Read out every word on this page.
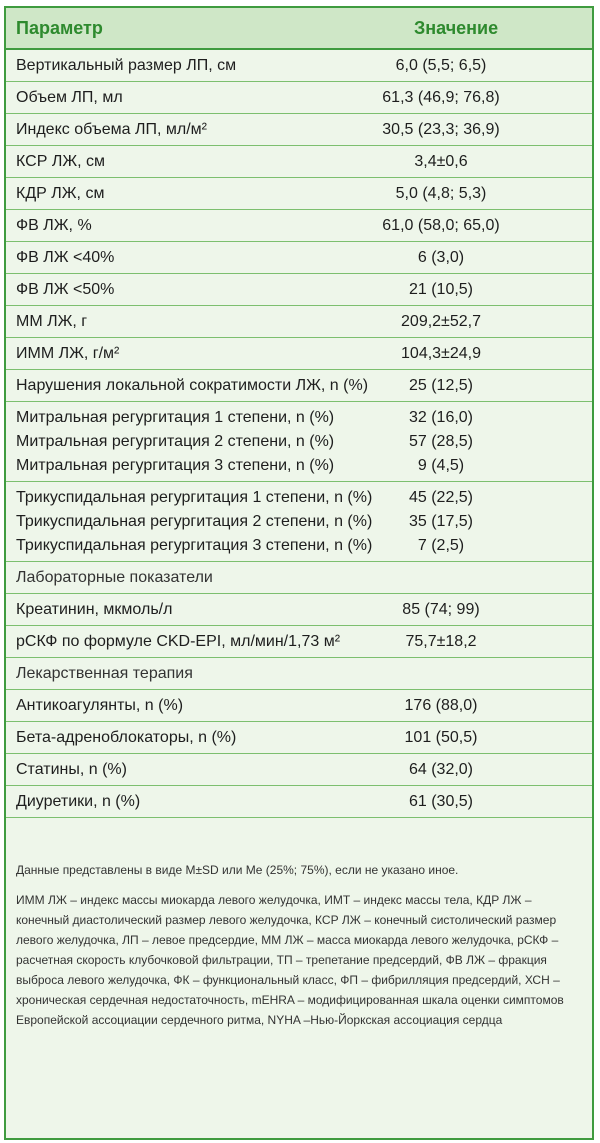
Параметр	Значение
Вертикальный размер ЛП, см	6,0 (5,5; 6,5)
Объем ЛП, мл	61,3 (46,9; 76,8)
Индекс объема ЛП, мл/м²	30,5 (23,3; 36,9)
КСР ЛЖ, см	3,4±0,6
КДР ЛЖ, см	5,0 (4,8; 5,3)
ФВ ЛЖ, %	61,0 (58,0; 65,0)
ФВ ЛЖ <40%	6 (3,0)
ФВ ЛЖ <50%	21 (10,5)
ММ ЛЖ, г	209,2±52,7
ИММ ЛЖ, г/м²	104,3±24,9
Нарушения локальной сократимости ЛЖ, n (%)	25 (12,5)
Митральная регургитация 1 степени, n (%)	32 (16,0)
Митральная регургитация 2 степени, n (%)	57 (28,5)
Митральная регургитация 3 степени, n (%)	9 (4,5)
Трикуспидальная регургитация 1 степени, n (%)	45 (22,5)
Трикуспидальная регургитация 2 степени, n (%)	35 (17,5)
Трикуспидальная регургитация 3 степени, n (%)	7 (2,5)
Лабораторные показатели
Креатинин, мкмоль/л	85 (74; 99)
рСКФ по формуле CKD-EPI, мл/мин/1,73 м²	75,7±18,2
Лекарственная терапия
Антикоагулянты, n (%)	176 (88,0)
Бета-адреноблокаторы, n (%)	101 (50,5)
Статины, n (%)	64 (32,0)
Диуретики, n (%)	61 (30,5)

Данные представлены в виде M±SD или Me (25%; 75%), если не указано иное.

ИММ ЛЖ – индекс массы миокарда левого желудочка, ИМТ – индекс массы тела, КДР ЛЖ – конечный диастолический размер левого желудочка, КСР ЛЖ – конечный систолический размер левого желудочка, ЛП – левое предсердие, ММ ЛЖ – масса миокарда левого желудочка, рСКФ – расчетная скорость клубочковой фильтрации, ТП – трепетание предсердий, ФВ ЛЖ – фракция выброса левого желудочка, ФК – функциональный класс, ФП – фибрилляция предсердий, ХСН – хроническая сердечная недостаточность, mEHRA – модифицированная шкала оценки симптомов Европейской ассоциации сердечного ритма, NYHA –Нью-Йоркская ассоциация сердца
